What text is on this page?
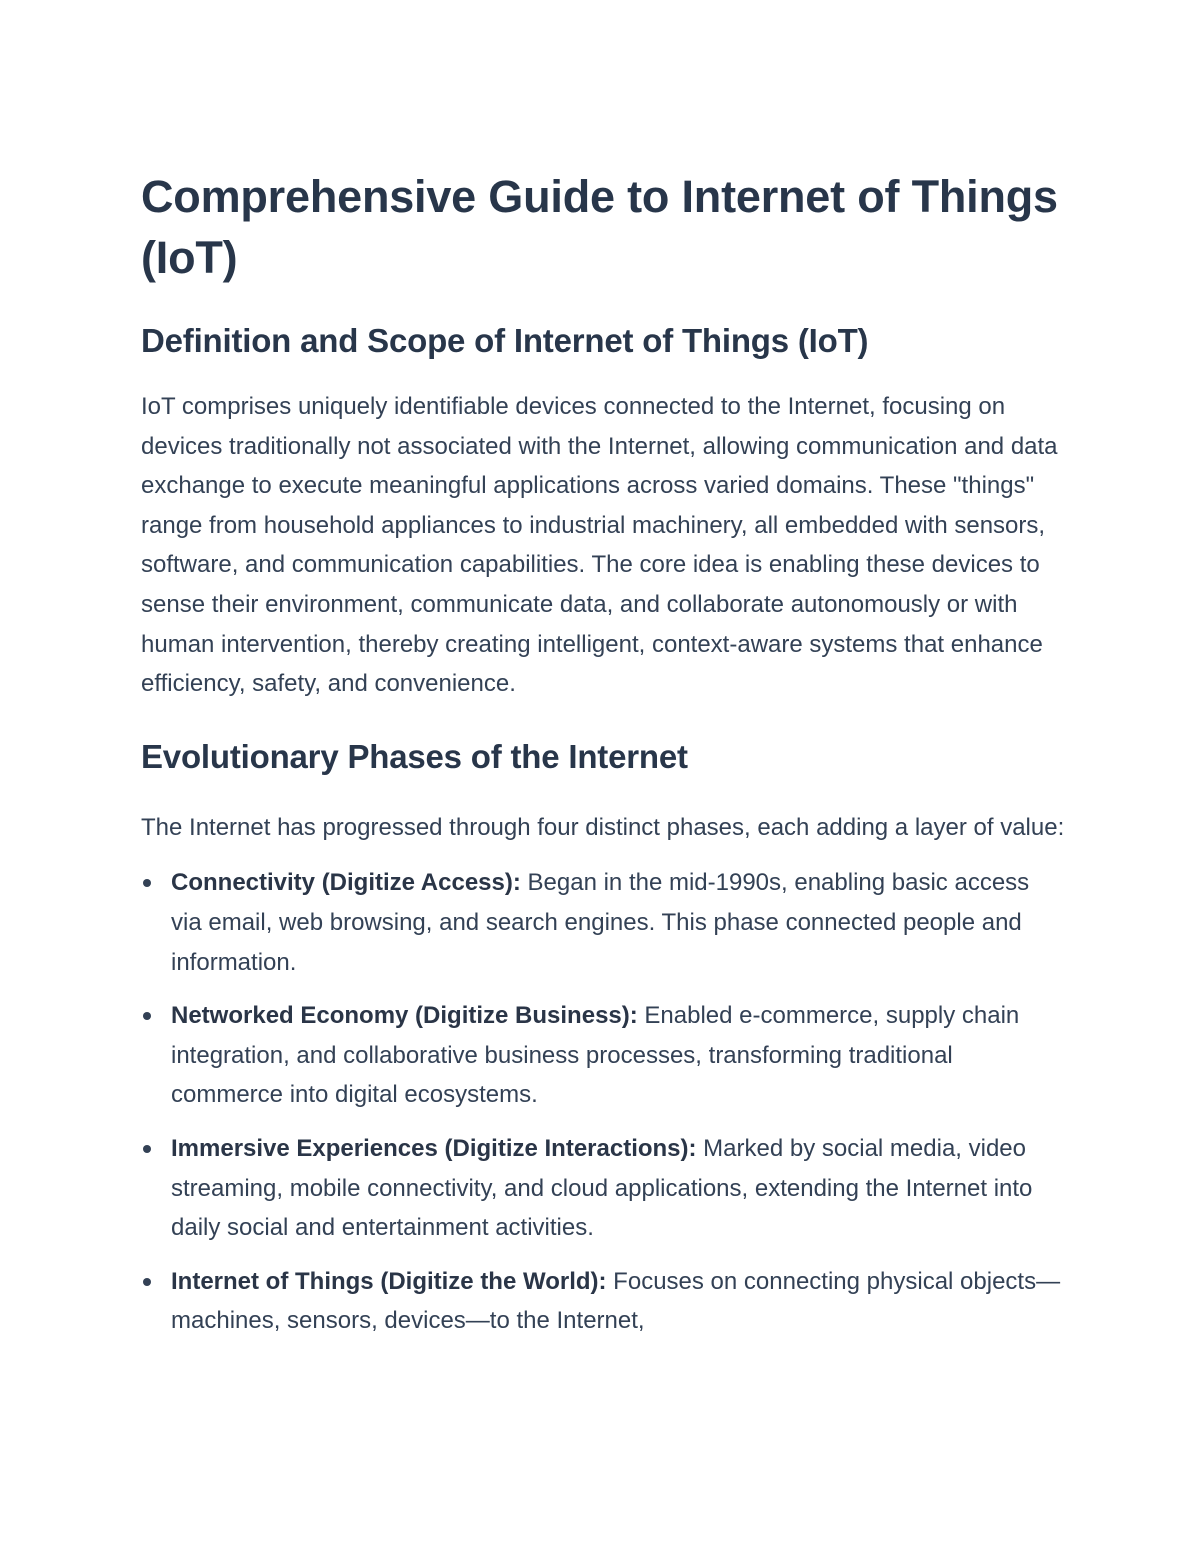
Comprehensive Guide to Internet of Things (IoT)
Definition and Scope of Internet of Things (IoT)

IoT comprises uniquely identifiable devices connected to the Internet, focusing on devices traditionally not associated with the Internet, allowing communication and data exchange to execute meaningful applications across varied domains. These "things" range from household appliances to industrial machinery, all embedded with sensors, software, and communication capabilities. The core idea is enabling these devices to sense their environment, communicate data, and collaborate autonomously or with human intervention, thereby creating intelligent, context-aware systems that enhance efficiency, safety, and convenience.

Evolutionary Phases of the Internet

The Internet has progressed through four distinct phases, each adding a layer of value:

Connectivity (Digitize Access): Began in the mid-1990s, enabling basic access via email, web browsing, and search engines. This phase connected people and information.
Networked Economy (Digitize Business): Enabled e-commerce, supply chain integration, and collaborative business processes, transforming traditional commerce into digital ecosystems.
Immersive Experiences (Digitize Interactions): Marked by social media, video streaming, mobile connectivity, and cloud applications, extending the Internet into daily social and entertainment activities.
Internet of Things (Digitize the World): Focuses on connecting physical objects—machines, sensors, devices—to the Internet,
